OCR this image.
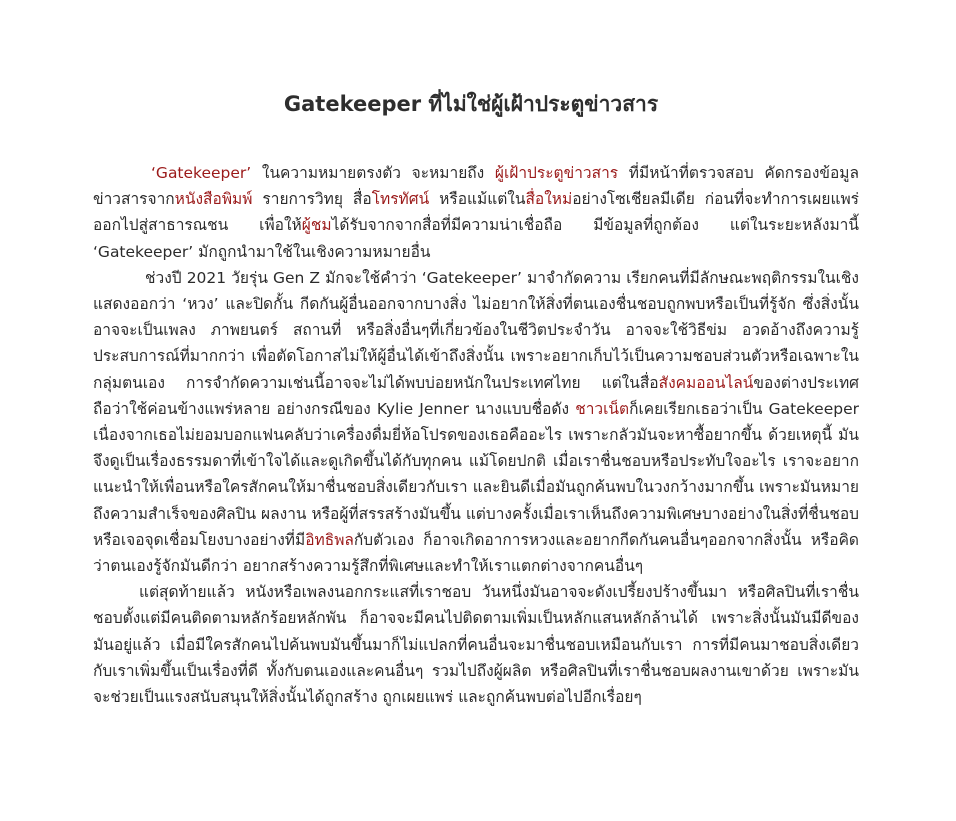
Gatekeeper ที่ไม่ใช่ผู้เฝ้าประตูข่าวสาร

‘Gatekeeper’ ในความหมายตรงตัว จะหมายถึง ผู้เฝ้าประตูข่าวสาร ที่มีหน้าที่ตรวจสอบ คัดกรองข้อมูลข่าวสารจากหนังสือพิมพ์ รายการวิทยุ สื่อโทรทัศน์ หรือแม้แต่ในสื่อใหม่อย่างโซเชียลมีเดีย ก่อนที่จะทำการเผยแพร่ออกไปสู่สาธารณชน เพื่อให้ผู้ชมได้รับจากจากสื่อที่มีความน่าเชื่อถือ มีข้อมูลที่ถูกต้อง แต่ในระยะหลังมานี้ ‘Gatekeeper’ มักถูกนำมาใช้ในเชิงความหมายอื่น

ช่วงปี 2021 วัยรุ่น Gen Z มักจะใช้คำว่า ‘Gatekeeper’ มาจำกัดความ เรียกคนที่มีลักษณะพฤติกรรมในเชิงแสดงออกว่า ‘หวง’ และปิดกั้น กีดกันผู้อื่นออกจากบางสิ่ง ไม่อยากให้สิ่งที่ตนเองชื่นชอบถูกพบหรือเป็นที่รู้จัก ซึ่งสิ่งนั้นอาจจะเป็นเพลง ภาพยนตร์ สถานที่ หรือสิ่งอื่นๆที่เกี่ยวข้องในชีวิตประจำวัน อาจจะใช้วิธีข่ม อวดอ้างถึงความรู้ ประสบการณ์ที่มากกว่า เพื่อตัดโอกาสไม่ให้ผู้อื่นได้เข้าถึงสิ่งนั้น เพราะอยากเก็บไว้เป็นความชอบส่วนตัวหรือเฉพาะในกลุ่มตนเอง การจำกัดความเช่นนี้อาจจะไม่ได้พบบ่อยหนักในประเทศไทย แต่ในสื่อสังคมออนไลน์ของต่างประเทศถือว่าใช้ค่อนข้างแพร่หลาย อย่างกรณีของ Kylie Jenner นางแบบชื่อดัง ชาวเน็ตก็เคยเรียกเธอว่าเป็น Gatekeeper เนื่องจากเธอไม่ยอมบอกแฟนคลับว่าเครื่องดื่มยี่ห้อโปรดของเธอคืออะไร เพราะกลัวมันจะหาซื้อยากขึ้น ด้วยเหตุนี้ มันจึงดูเป็นเรื่องธรรมดาที่เข้าใจได้และดูเกิดขึ้นได้กับทุกคน แม้โดยปกติ เมื่อเราชื่นชอบหรือประทับใจอะไร เราจะอยากแนะนำให้เพื่อนหรือใครสักคนให้มาชื่นชอบสิ่งเดียวกับเรา และยินดีเมื่อมันถูกค้นพบในวงกว้างมากขึ้น เพราะมันหมายถึงความสำเร็จของศิลปิน ผลงาน หรือผู้ที่สรรสร้างมันขึ้น แต่บางครั้งเมื่อเราเห็นถึงความพิเศษบางอย่างในสิ่งที่ชื่นชอบ หรือเจอจุดเชื่อมโยงบางอย่างที่มีอิทธิพลกับตัวเอง ก็อาจเกิดอาการหวงและอยากกีดกันคนอื่นๆออกจากสิ่งนั้น หรือคิดว่าตนเองรู้จักมันดีกว่า อยากสร้างความรู้สึกที่พิเศษและทำให้เราแตกต่างจากคนอื่นๆ

แต่สุดท้ายแล้ว หนังหรือเพลงนอกกระแสที่เราชอบ วันหนึ่งมันอาจจะดังเปรี้ยงปร้างขึ้นมา หรือศิลปินที่เราชื่นชอบตั้งแต่มีคนติดตามหลักร้อยหลักพัน ก็อาจจะมีคนไปติดตามเพิ่มเป็นหลักแสนหลักล้านได้ เพราะสิ่งนั้นมันมีดีของมันอยู่แล้ว เมื่อมีใครสักคนไปค้นพบมันขึ้นมาก็ไม่แปลกที่คนอื่นจะมาชื่นชอบเหมือนกับเรา การที่มีคนมาชอบสิ่งเดียวกับเราเพิ่มขึ้นเป็นเรื่องที่ดี ทั้งกับตนเองและคนอื่นๆ รวมไปถึงผู้ผลิต หรือศิลปินที่เราชื่นชอบผลงานเขาด้วย เพราะมันจะช่วยเป็นแรงสนับสนุนให้สิ่งนั้นได้ถูกสร้าง ถูกเผยแพร่ และถูกค้นพบต่อไปอีกเรื่อยๆ
